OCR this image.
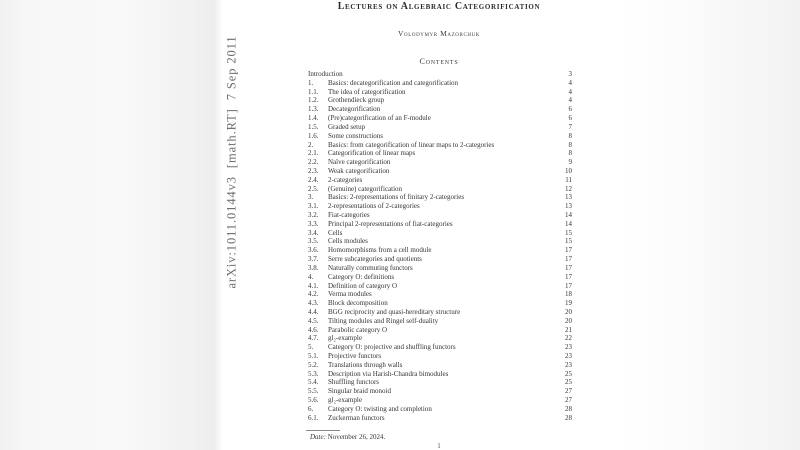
arXiv:1011.0144v3  [math.RT]  7 Sep 2011
Lectures on Algebraic Categorification
Volodymyr Mazorchuk
Contents
Introduction	3
1.	Basics: decategorification and categorification	4
1.1.	The idea of categorification	4
1.2.	Grothendieck group	4
1.3.	Decategorification	6
1.4.	(Pre)categorification of an F-module	6
1.5.	Graded setup	7
1.6.	Some constructions	8
2.	Basics: from categorification of linear maps to 2-categories	8
2.1.	Categorification of linear maps	8
2.2.	Naïve categorification	9
2.3.	Weak categorification	10
2.4.	2-categories	11
2.5.	(Genuine) categorification	12
3.	Basics: 2-representations of finitary 2-categories	13
3.1.	2-representations of 2-categories	13
3.2.	Fiat-categories	14
3.3.	Principal 2-representations of fiat-categories	14
3.4.	Cells	15
3.5.	Cells modules	15
3.6.	Homomorphisms from a cell module	17
3.7.	Serre subcategories and quotients	17
3.8.	Naturally commuting functors	17
4.	Category O: definitions	17
4.1.	Definition of category O	17
4.2.	Verma modules	18
4.3.	Block decomposition	19
4.4.	BGG reciprocity and quasi-hereditary structure	20
4.5.	Tilting modules and Ringel self-duality	20
4.6.	Parabolic category O	21
4.7.	gl₂-example	22
5.	Category O: projective and shuffling functors	23
5.1.	Projective functors	23
5.2.	Translations through walls	23
5.3.	Description via Harish-Chandra bimodules	25
5.4.	Shuffling functors	25
5.5.	Singular braid monoid	27
5.6.	gl₂-example	27
6.	Category O: twisting and completion	28
6.1.	Zuckerman functors	28
Date: November 26, 2024.
1
